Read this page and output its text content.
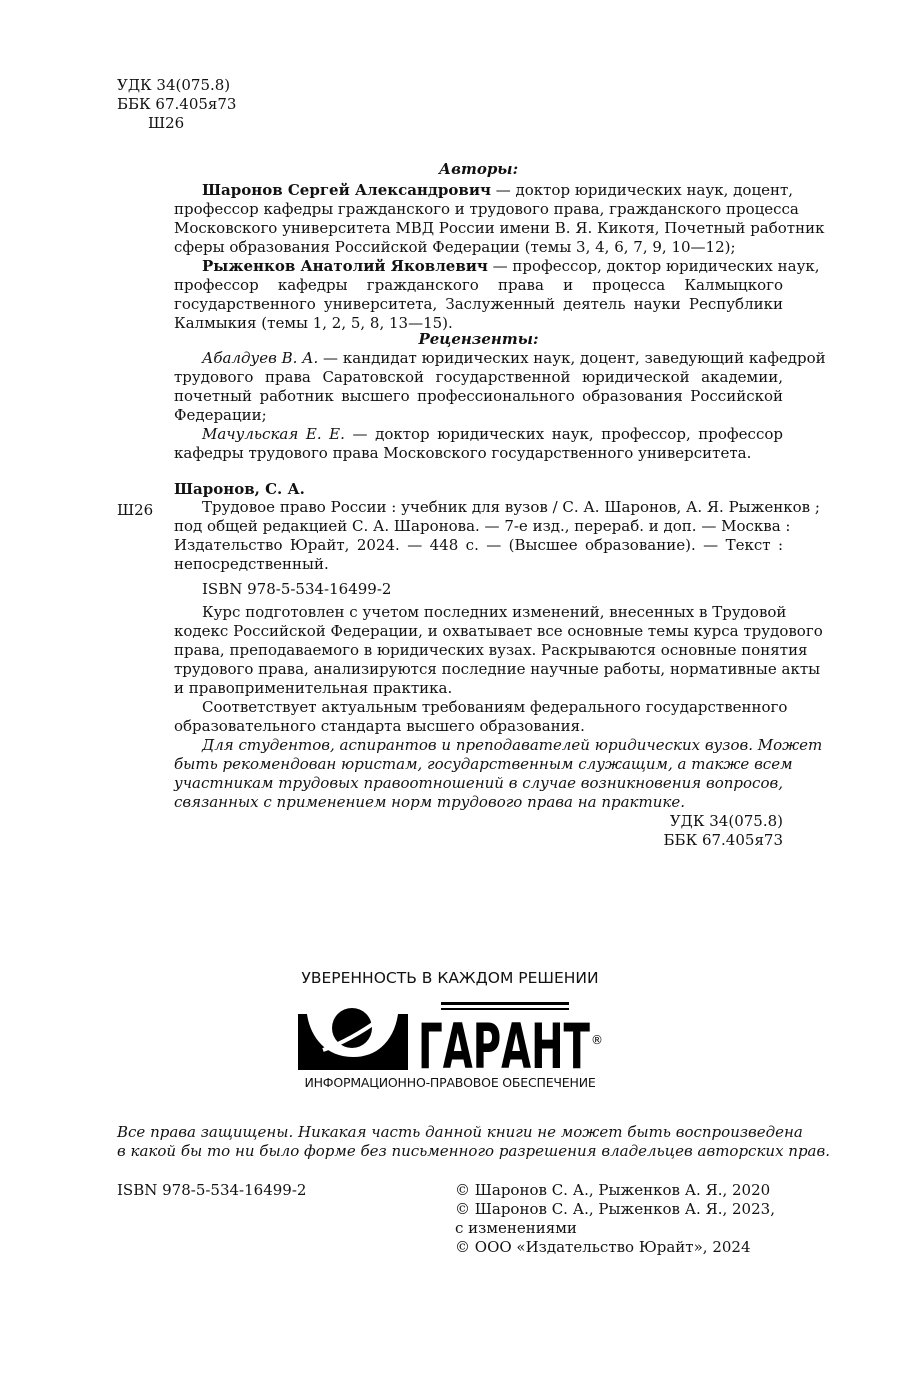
УДК 34(075.8)
ББК 67.405я73
Ш26
Авторы:
Шаронов Сергей Александрович — доктор юридических наук, доцент,
профессор кафедры гражданского и трудового права, гражданского процесса
Московского университета МВД России имени В. Я. Кикотя, Почетный работник
сферы образования Российской Федерации (темы 3, 4, 6, 7, 9, 10—12);
Рыженков Анатолий Яковлевич — профессор, доктор юридических наук,
профессор кафедры гражданского права и процесса Калмыцкого
государственного университета, Заслуженный деятель науки Республики
Калмыкия (темы 1, 2, 5, 8, 13—15).
Рецензенты:
Абалдуев В. А. — кандидат юридических наук, доцент, заведующий кафедрой
трудового права Саратовской государственной юридической академии,
почетный работник высшего профессионального образования Российской
Федерации;
Мачульская Е. Е. — доктор юридических наук, профессор, профессор
кафедры трудового права Московского государственного университета.
Шаронов, С. А.
Ш26	Трудовое право России : учебник для вузов / С. А. Шаронов, А. Я. Рыженков ;
под общей редакцией С. А. Шаронова. — 7-е изд., перераб. и доп. — Москва :
Издательство Юрайт, 2024. — 448 с. — (Высшее образование). — Текст :
непосредственный.
ISBN 978-5-534-16499-2
Курс подготовлен с учетом последних изменений, внесенных в Трудовой
кодекс Российской Федерации, и охватывает все основные темы курса трудового
права, преподаваемого в юридических вузах. Раскрываются основные понятия
трудового права, анализируются последние научные работы, нормативные акты
и правоприменительная практика.
Соответствует актуальным требованиям федерального государственного
образовательного стандарта высшего образования.
Для студентов, аспирантов и преподавателей юридических вузов. Может
быть рекомендован юристам, государственным служащим, а также всем
участникам трудовых правоотношений в случае возникновения вопросов,
связанных с применением норм трудового права на практике.
УДК 34(075.8)
ББК 67.405я73
УВЕРЕННОСТЬ В КАЖДОМ РЕШЕНИИ
ГАРАНТ ®
ИНФОРМАЦИОННО-ПРАВОВОЕ ОБЕСПЕЧЕНИЕ
Все права защищены. Никакая часть данной книги не может быть воспроизведена
в какой бы то ни было форме без письменного разрешения владельцев авторских прав.
ISBN 978-5-534-16499-2	© Шаронов С. А., Рыженков А. Я., 2020
© Шаронов С. А., Рыженков А. Я., 2023,
с изменениями
© ООО «Издательство Юрайт», 2024
